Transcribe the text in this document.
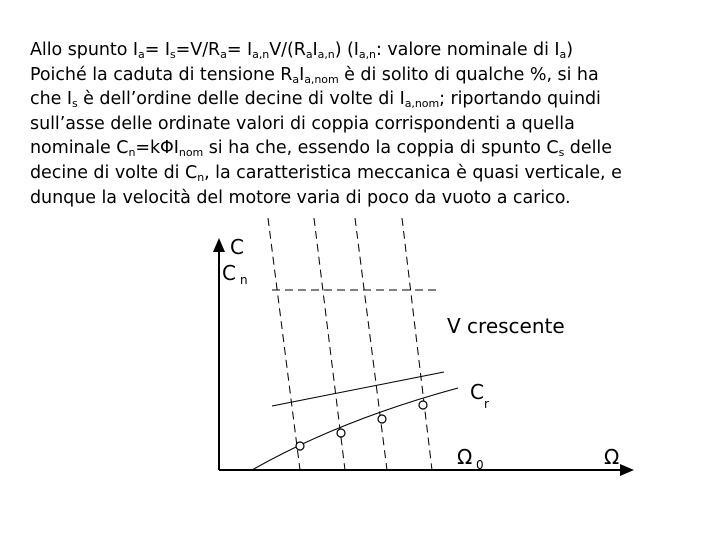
Allo spunto $I_a= I_s=V/R_a= I_{a,n}V/(R_aI_{a,n})$ ($I_{a,n}$: valore nominale di $I_a$)
Poiché la caduta di tensione $R_aI_{a,nom}$ è di solito di qualche %, si ha
che $I_s$ è dell’ordine delle decine di volte di $I_{a,nom}$; riportando quindi
sull’asse delle ordinate valori di coppia corrispondenti a quella
nominale $C_n=k\Phi I_{nom}$ si ha che, essendo la coppia di spunto $C_s$ delle
decine di volte di $C_n$, la caratteristica meccanica è quasi verticale, e
dunque la velocità del motore varia di poco da vuoto a carico.
C
C n
V crescente
C r
Ω 0	Ω
